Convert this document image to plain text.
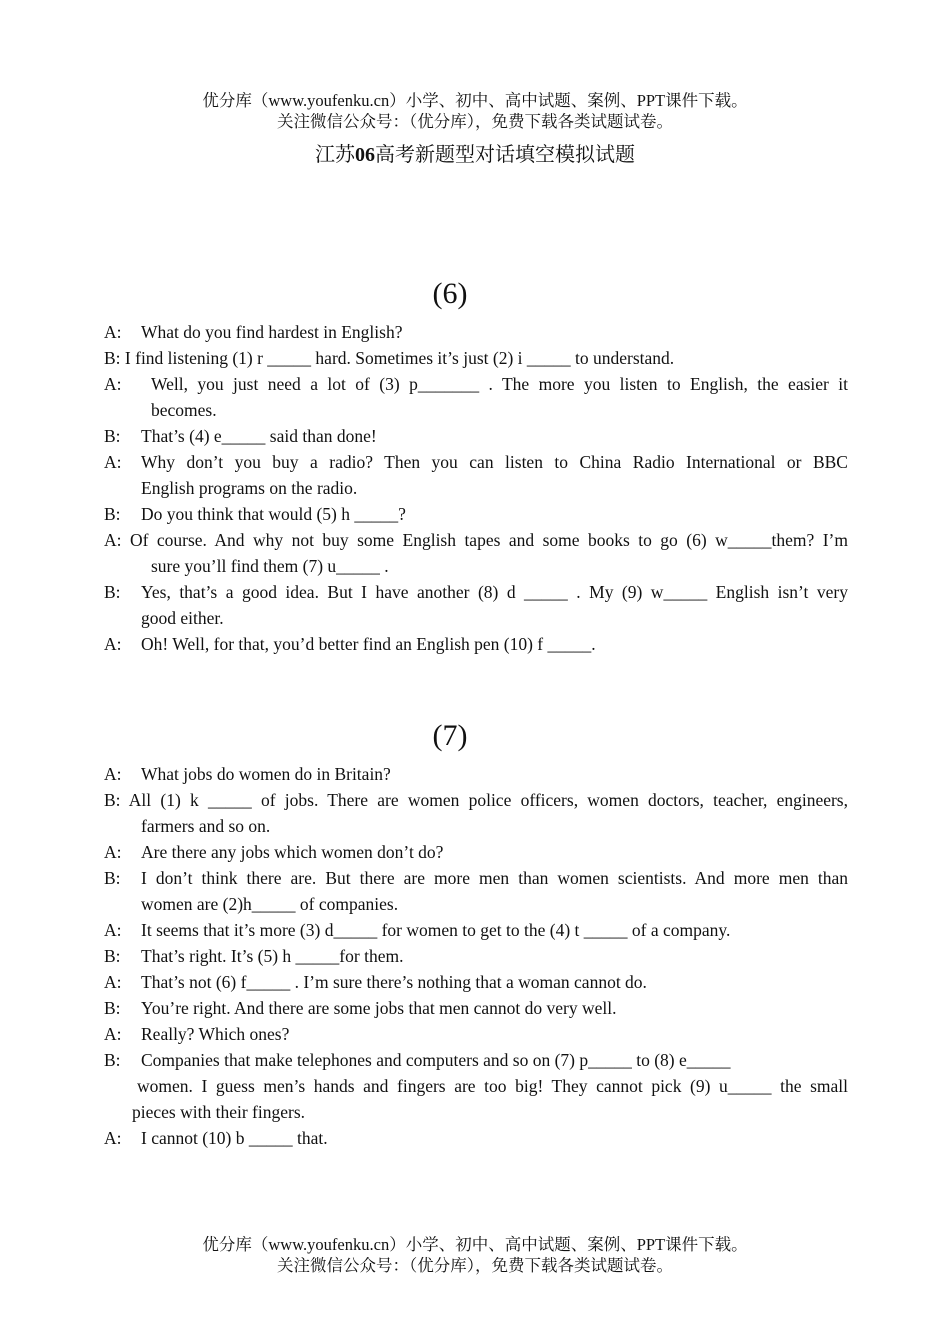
优分库（www.youfenku.cn）小学、初中、高中试题、案例、PPT课件下载。
关注微信公众号：（优分库），免费下载各类试题试卷。
江苏06高考新题型对话填空模拟试题
(6)
A: What do you find hardest in English?
B: I find listening (1) r _____ hard. Sometimes it’s just (2) i _____ to understand.
A: Well, you just need a lot of (3) p_______ . The more you listen to English, the easier it
becomes.
B: That’s (4) e_____ said than done!
A: Why don’t you buy a radio? Then you can listen to China Radio International or BBC
English programs on the radio.
B: Do you think that would (5) h _____?
A: Of course. And why not buy some English tapes and some books to go (6) w_____them? I’m
sure you’ll find them (7) u_____ .
B: Yes, that’s a good idea. But I have another (8) d _____ . My (9) w_____ English isn’t very
good either.
A: Oh! Well, for that, you’d better find an English pen (10) f _____.
(7)
A: What jobs do women do in Britain?
B: All (1) k _____ of jobs. There are women police officers, women doctors, teacher, engineers,
farmers and so on.
A: Are there any jobs which women don’t do?
B: I don’t think there are. But there are more men than women scientists. And more men than
women are (2)h_____ of companies.
A: It seems that it’s more (3) d_____ for women to get to the (4) t _____ of a company.
B: That’s right. It’s (5) h _____for them.
A: That’s not (6) f_____ . I’m sure there’s nothing that a woman cannot do.
B: You’re right. And there are some jobs that men cannot do very well.
A: Really? Which ones?
B: Companies that make telephones and computers and so on (7) p_____ to (8) e_____
women. I guess men’s hands and fingers are too big! They cannot pick (9) u_____ the small
pieces with their fingers.
A: I cannot (10) b _____ that.
优分库（www.youfenku.cn）小学、初中、高中试题、案例、PPT课件下载。
关注微信公众号：（优分库），免费下载各类试题试卷。
